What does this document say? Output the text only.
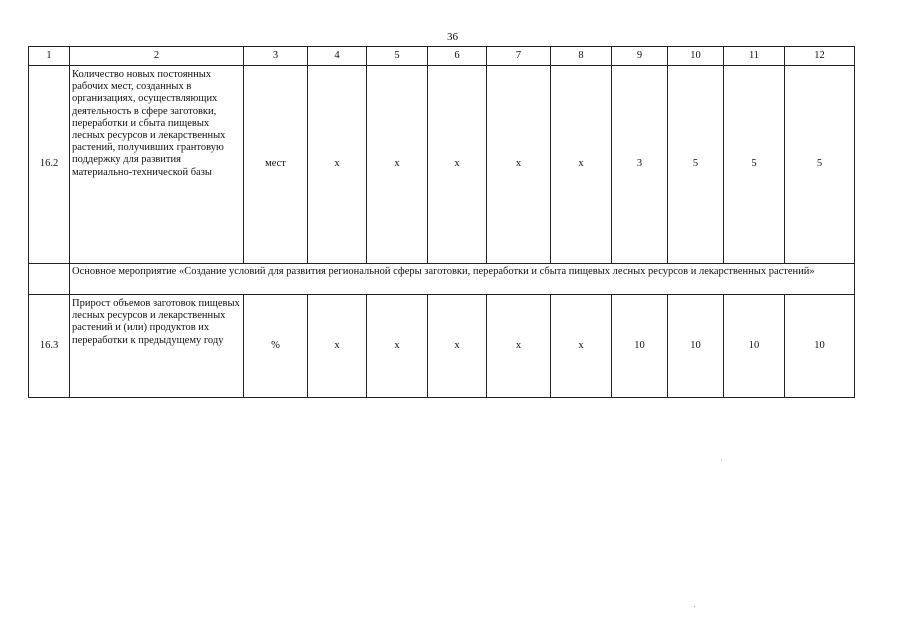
36
1	2	3	4	5	6	7	8	9	10	11	12
16.2	Количество новых постоянных рабочих мест, созданных в организациях, осуществляющих деятельность в сфере заготовки, переработки и сбыта пищевых лесных ресурсов и лекарственных растений, получивших грантовую поддержку для развития материально-технической базы	мест	х	х	х	х	х	3	5	5	5
	Основное мероприятие «Создание условий для развития региональной сферы заготовки, переработки и сбыта пищевых лесных ресурсов и лекарственных растений»										
16.3	Прирост объемов заготовок пищевых лесных ресурсов и лекарственных растений и (или) продуктов их переработки к предыдущему году	%	х	х	х	х	х	10	10	10	10
